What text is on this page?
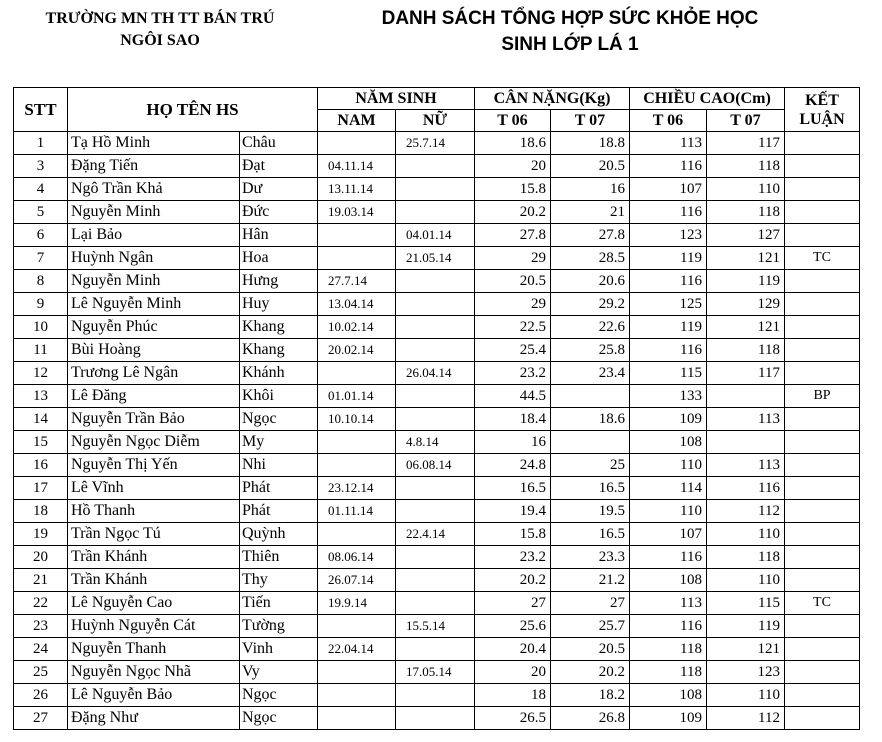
TRƯỜNG MN TH TT BÁN TRÚ
NGÔI SAO
DANH SÁCH TỔNG HỢP SỨC KHỎE HỌC
SINH LỚP LÁ 1
STT	HỌ TÊN HS		NĂM SINH		CÂN NẶNG(Kg)		CHIỀU CAO(Cm)		KẾT
LUẬN

			NAM	NỮ	T 06	T 07	T 06	T 07	
1	Tạ Hồ Minh	Châu		25.7.14	18.6	18.8	113	117	
3	Đặng Tiến	Đạt	04.11.14		20	20.5	116	118	
4	Ngô Trần Khả	Dư	13.11.14		15.8	16	107	110	
5	Nguyễn Minh	Đức	19.03.14		20.2	21	116	118	
6	Lại Bảo	Hân		04.01.14	27.8	27.8	123	127	
7	Huỳnh Ngân	Hoa		21.05.14	29	28.5	119	121	TC
8	Nguyễn Minh	Hưng	27.7.14		20.5	20.6	116	119	
9	Lê Nguyễn Minh	Huy	13.04.14		29	29.2	125	129	
10	Nguyễn Phúc	Khang	10.02.14		22.5	22.6	119	121	
11	Bùi Hoàng	Khang	20.02.14		25.4	25.8	116	118	
12	Trương Lê Ngân	Khánh		26.04.14	23.2	23.4	115	117	
13	Lê Đăng	Khôi	01.01.14		44.5		133		BP
14	Nguyễn Trần Bảo	Ngọc	10.10.14		18.4	18.6	109	113	
15	Nguyễn Ngọc Diễm	My		4.8.14	16		108		
16	Nguyễn Thị Yến	Nhi		06.08.14	24.8	25	110	113	
17	Lê Vĩnh	Phát	23.12.14		16.5	16.5	114	116	
18	Hồ Thanh	Phát	01.11.14		19.4	19.5	110	112	
19	Trần Ngọc Tú	Quỳnh		22.4.14	15.8	16.5	107	110	
20	Trần Khánh	Thiên	08.06.14		23.2	23.3	116	118	
21	Trần Khánh	Thy	26.07.14		20.2	21.2	108	110	
22	Lê Nguyễn Cao	Tiến	19.9.14		27	27	113	115	TC
23	Huỳnh Nguyễn Cát	Tường		15.5.14	25.6	25.7	116	119	
24	Nguyễn Thanh	Vinh	22.04.14		20.4	20.5	118	121	
25	Nguyễn Ngọc Nhã	Vy		17.05.14	20	20.2	118	123	
26	Lê Nguyễn Bảo	Ngọc			18	18.2	108	110	
27	Đặng Như	Ngọc			26.5	26.8	109	112	
